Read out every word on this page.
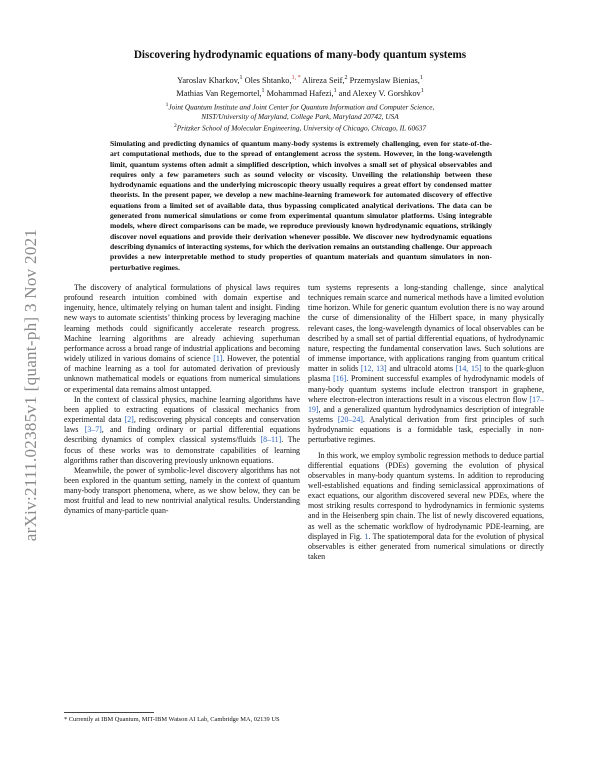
arXiv:2111.02385v1 [quant-ph] 3 Nov 2021
Discovering hydrodynamic equations of many-body quantum systems
Yaroslav Kharkov,$^1$ Oles Shtanko,$^{1, *}$ Alireza Seif,$^2$ Przemyslaw Bienias,$^1$
Mathias Van Regemortel,$^1$ Mohammad Hafezi,$^1$ and Alexey V. Gorshkov$^1$
$^1$Joint Quantum Institute and Joint Center for Quantum Information and Computer Science,
NIST/University of Maryland, College Park, Maryland 20742, USA
$^2$Pritzker School of Molecular Engineering, University of Chicago, Chicago, IL 60637
Simulating and predicting dynamics of quantum many-body systems is extremely challenging, even for state-of-the-art computational methods, due to the spread of entanglement across the system. However, in the long-wavelength limit, quantum systems often admit a simplified description, which involves a small set of physical observables and requires only a few parameters such as sound velocity or viscosity. Unveiling the relationship between these hydrodynamic equations and the underlying microscopic theory usually requires a great effort by condensed matter theorists. In the present paper, we develop a new machine-learning framework for automated discovery of effective equations from a limited set of available data, thus bypassing complicated analytical derivations. The data can be generated from numerical simulations or come from experimental quantum simulator platforms. Using integrable models, where direct comparisons can be made, we reproduce previously known hydrodynamic equations, strikingly discover novel equations and provide their derivation whenever possible. We discover new hydrodynamic equations describing dynamics of interacting systems, for which the derivation remains an outstanding challenge. Our approach provides a new interpretable method to study properties of quantum materials and quantum simulators in non-perturbative regimes.

The discovery of analytical formulations of physical laws requires profound research intuition combined with domain expertise and ingenuity, hence, ultimately relying on human talent and insight. Finding new ways to automate scientists’ thinking process by leveraging machine learning methods could significantly accelerate research progress. Machine learning algorithms are already achieving superhuman performance across a broad range of industrial applications and becoming widely utilized in various domains of science [1]. However, the potential of machine learning as a tool for automated derivation of previously unknown mathematical models or equations from numerical simulations or experimental data remains almost untapped.

In the context of classical physics, machine learning algorithms have been applied to extracting equations of classical mechanics from experimental data [2], rediscovering physical concepts and conservation laws [3–7], and finding ordinary or partial differential equations describing dynamics of complex classical systems/fluids [8–11]. The focus of these works was to demonstrate capabilities of learning algorithms rather than discovering previously unknown equations.

Meanwhile, the power of symbolic-level discovery algorithms has not been explored in the quantum setting, namely in the context of quantum many-body transport phenomena, where, as we show below, they can be most fruitful and lead to new nontrivial analytical results. Understanding dynamics of many-particle quan-

tum systems represents a long-standing challenge, since analytical techniques remain scarce and numerical methods have a limited evolution time horizon. While for generic quantum evolution there is no way around the curse of dimensionality of the Hilbert space, in many physically relevant cases, the long-wavelength dynamics of local observables can be described by a small set of partial differential equations, of hydrodynamic nature, respecting the fundamental conservation laws. Such solutions are of immense importance, with applications ranging from quantum critical matter in solids [12, 13] and ultracold atoms [14, 15] to the quark-gluon plasma [16]. Prominent successful examples of hydrodynamic models of many-body quantum systems include electron transport in graphene, where electron-electron interactions result in a viscous electron flow [17–19], and a generalized quantum hydrodynamics description of integrable systems [20–24]. Analytical derivation from first principles of such hydrodynamic equations is a formidable task, especially in non-perturbative regimes.

In this work, we employ symbolic regression methods to deduce partial differential equations (PDEs) governing the evolution of physical observables in many-body quantum systems. In addition to reproducing well-established equations and finding semiclassical approximations of exact equations, our algorithm discovered several new PDEs, where the most striking results correspond to hydrodynamics in fermionic systems and in the Heisenberg spin chain. The list of newly discovered equations, as well as the schematic workflow of hydrodynamic PDE-learning, are displayed in Fig. 1. The spatiotemporal data for the evolution of physical observables is either generated from numerical simulations or directly taken

* Currently at IBM Quantum, MIT-IBM Watson AI Lab, Cambridge MA, 02139 US
